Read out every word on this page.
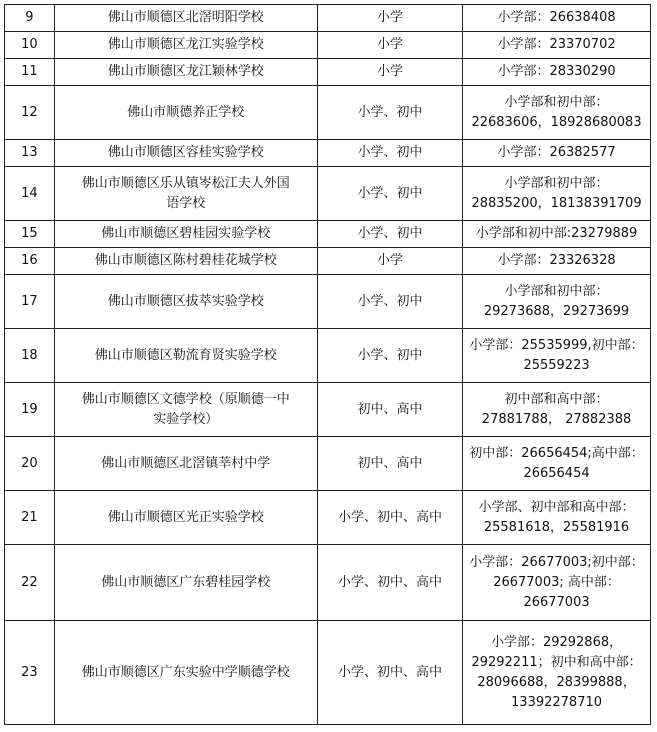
9	佛山市顺德区北滘明阳学校	小学	小学部：26638408

10	佛山市顺德区龙江实验学校	小学	小学部：23370702

11	佛山市顺德区龙江颖林学校	小学	小学部：28330290

12	佛山市顺德养正学校	小学、初中	小学部和初中部：
22683606，18928680083

13	佛山市顺德区容桂实验学校	小学、初中	小学部：26382577

14	佛山市顺德区乐从镇岑松江夫人外国
语学校	小学、初中	小学部和初中部：
28835200，18138391709

15	佛山市顺德区碧桂园实验学校	小学、初中	小学部和初中部:23279889

16	佛山市顺德区陈村碧桂花城学校	小学	小学部：23326328

17	佛山市顺德区拔萃实验学校	小学、初中	小学部和初中部：
29273688，29273699

18	佛山市顺德区勒流育贤实验学校	小学、初中	小学部：25535999,初中部：
25559223

19	佛山市顺德区文德学校（原顺德一中
实验学校）	初中、高中	初中部和高中部：
27881788， 27882388

20	佛山市顺德区北滘镇莘村中学	初中、高中	初中部：26656454;高中部：
26656454

21	佛山市顺德区光正实验学校	小学、初中、高中	小学部、初中部和高中部：
25581618，25581916

22	佛山市顺德区广东碧桂园学校	小学、初中、高中	小学部：26677003;初中部：
26677003; 高中部：
26677003

23	佛山市顺德区广东实验中学顺德学校	小学、初中、高中	小学部：29292868，
29292211；初中和高中部：
28096688，28399888，
13392278710
